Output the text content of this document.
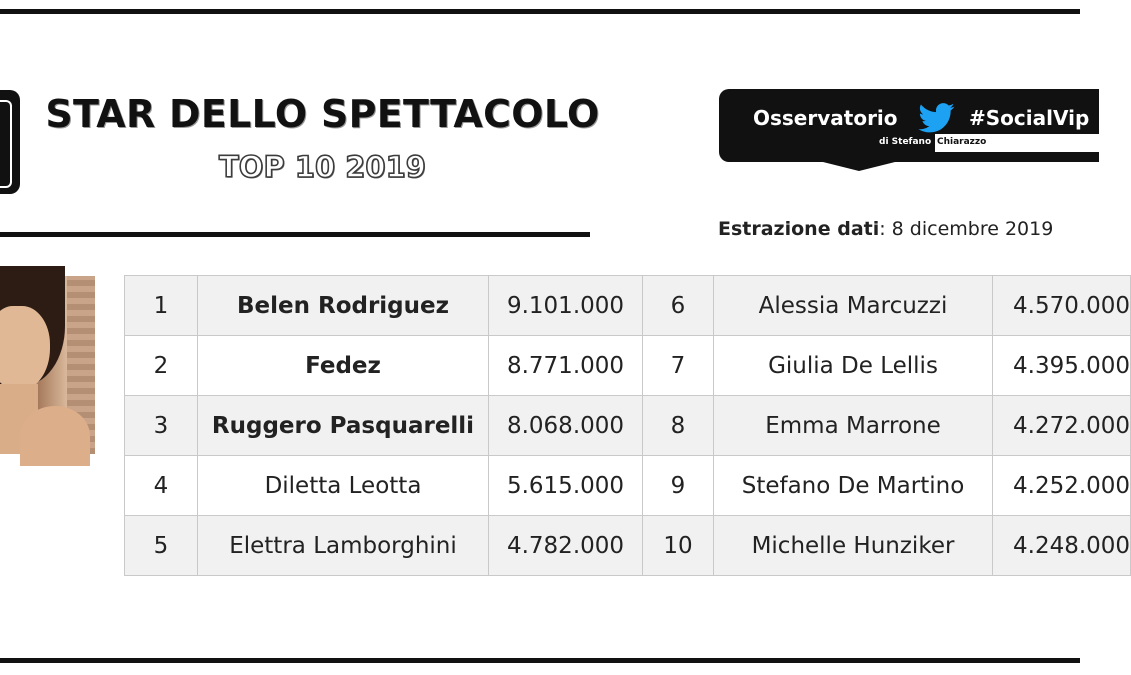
STAR DELLO SPETTACOLO
TOP 10 2019
Osservatorio	#SocialVip
di Stefano Chiarazzo
Estrazione dati: 8 dicembre 2019
1	Belen Rodriguez	9.101.000	6	Alessia Marcuzzi	4.570.000
2	Fedez	8.771.000	7	Giulia De Lellis	4.395.000
3	Ruggero Pasquarelli	8.068.000	8	Emma Marrone	4.272.000
4	Diletta Leotta	5.615.000	9	Stefano De Martino	4.252.000
5	Elettra Lamborghini	4.782.000	10	Michelle Hunziker	4.248.000
